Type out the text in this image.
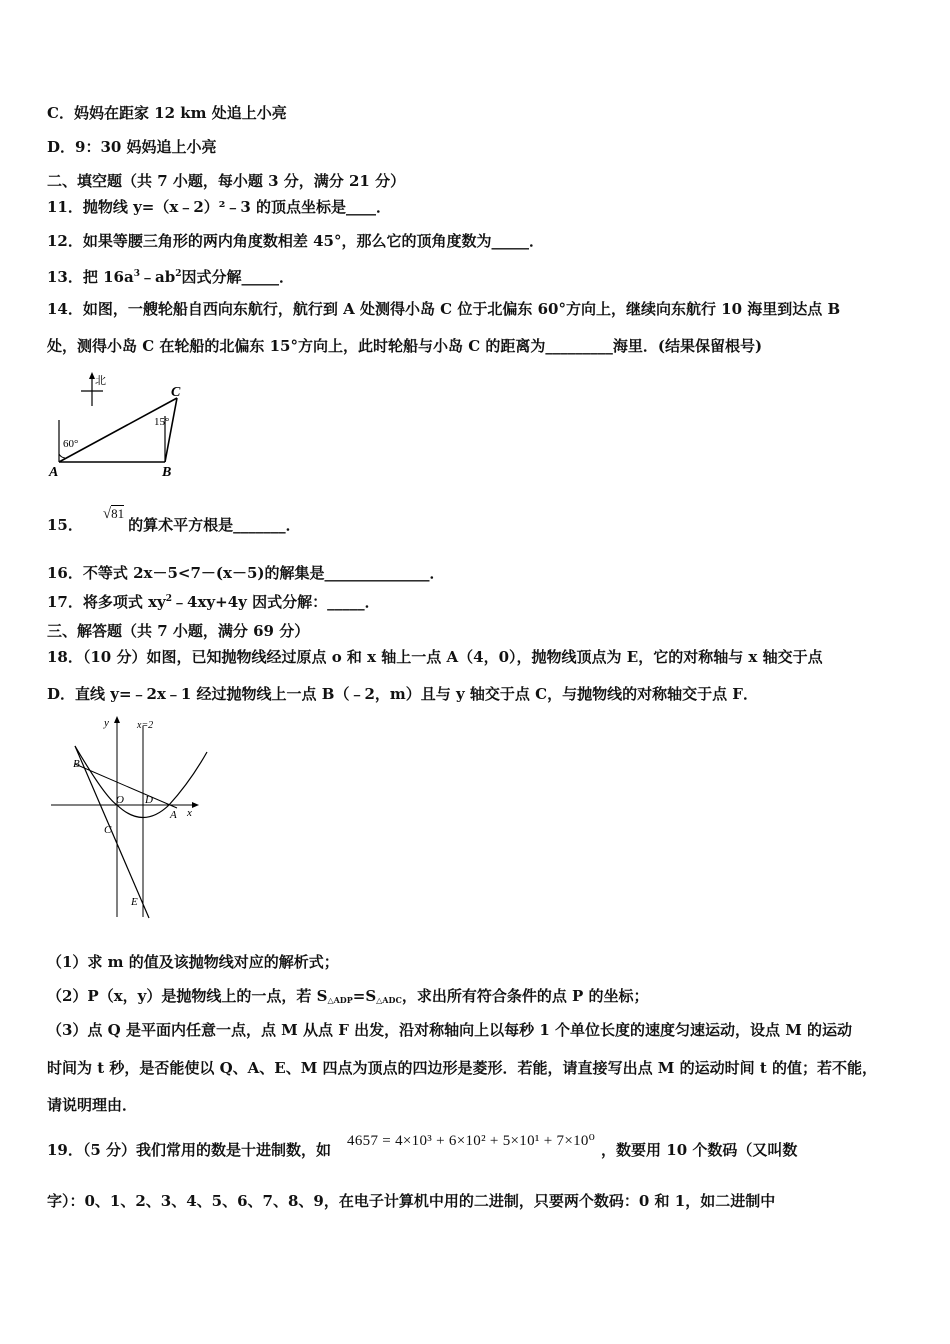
C．妈妈在距家 12 km 处追上小亮
D．9：30 妈妈追上小亮
二、填空题（共 7 小题，每小题 3 分，满分 21 分）
11．抛物线 y=（x﹣2）²﹣3 的顶点坐标是____．
12．如果等腰三角形的两内角度数相差 45°，那么它的顶角度数为_____．
13．把 $16a^3﹣ab^2$因式分解_____．
14．如图，一艘轮船自西向东航行，航行到 A 处测得小岛 C 位于北偏东 60°方向上，继续向东航行 10 海里到达点 B
处，测得小岛 C 在轮船的北偏东 15°方向上，此时轮船与小岛 C 的距离为_________海里．(结果保留根号)
北
60°
15°
A	B
C
15．√81的算术平方根是_______．
16．不等式 2x－5<7－(x－5)的解集是______________．
17．将多项式 $xy^2﹣4xy+4y$ 因式分解：_____．
三、解答题（共 7 小题，满分 69 分）
18．（10 分）如图，已知抛物线经过原点 o 和 x 轴上一点 A（4，0），抛物线顶点为 E，它的对称轴与 x 轴交于点
D．直线 y=﹣2x﹣1 经过抛物线上一点 B（﹣2，m）且与 y 轴交于点 C，与抛物线的对称轴交于点 F．
y
x
x=2
B
O D
A
C
E
（1）求 m 的值及该抛物线对应的解析式；
（2）P（x，y）是抛物线上的一点，若 $S_{\triangle ADP}=S_{\triangle ADC}$，求出所有符合条件的点 P 的坐标；
（3）点 Q 是平面内任意一点，点 M 从点 F 出发，沿对称轴向上以每秒 1 个单位长度的速度匀速运动，设点 M 的运动
时间为 t 秒，是否能使以 Q、A、E、M 四点为顶点的四边形是菱形．若能，请直接写出点 M 的运动时间 t 的值；若不能，
请说明理由．
19．（5 分）我们常用的数是十进制数，如 4657 = 4×10³ + 6×10² + 5×10¹ + 7×10⁰ ，数要用 10 个数码（又叫数
字）：0、1、2、3、4、5、6、7、8、9，在电子计算机中用的二进制，只要两个数码：0 和 1，如二进制中
